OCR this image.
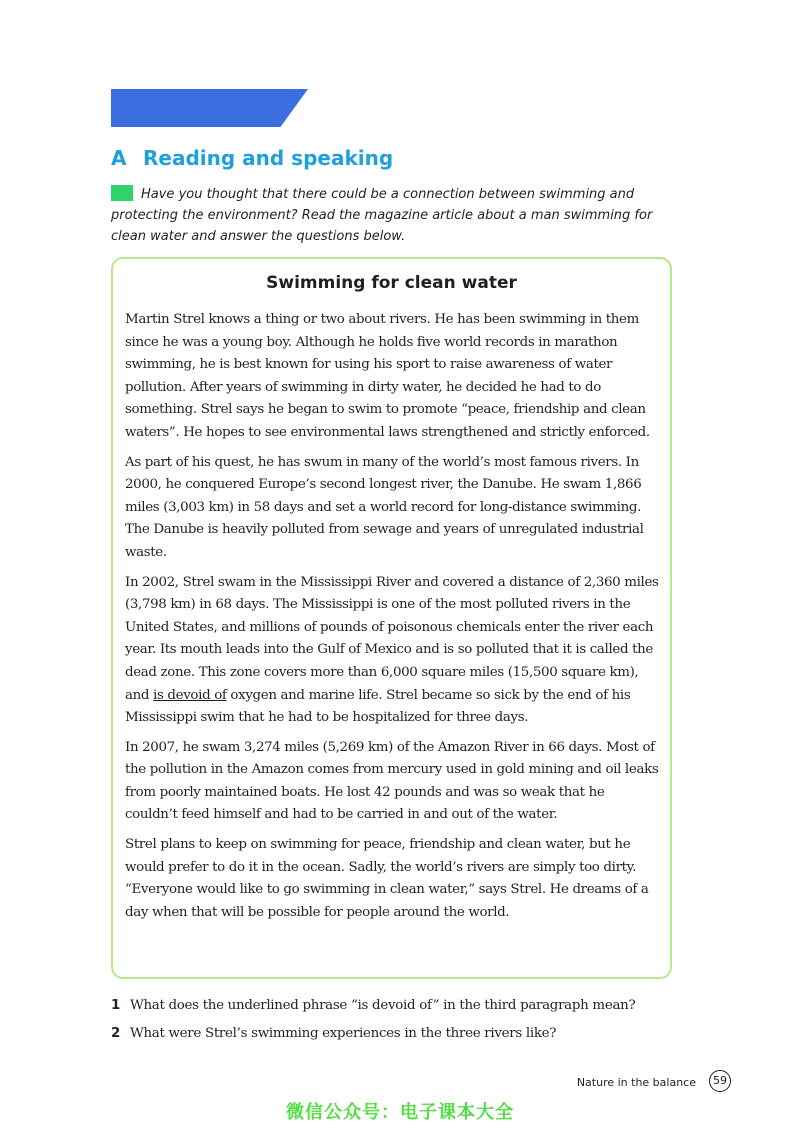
A Reading and speaking

Have you thought that there could be a connection between swimming and protecting the environment? Read the magazine article about a man swimming for clean water and answer the questions below.

Swimming for clean water

Martin Strel knows a thing or two about rivers. He has been swimming in them since he was a young boy. Although he holds five world records in marathon swimming, he is best known for using his sport to raise awareness of water pollution. After years of swimming in dirty water, he decided he had to do something. Strel says he began to swim to promote “peace, friendship and clean waters”. He hopes to see environmental laws strengthened and strictly enforced.

As part of his quest, he has swum in many of the world’s most famous rivers. In 2000, he conquered Europe’s second longest river, the Danube. He swam 1,866 miles (3,003 km) in 58 days and set a world record for long-distance swimming. The Danube is heavily polluted from sewage and years of unregulated industrial waste.

In 2002, Strel swam in the Mississippi River and covered a distance of 2,360 miles (3,798 km) in 68 days. The Mississippi is one of the most polluted rivers in the United States, and millions of pounds of poisonous chemicals enter the river each year. Its mouth leads into the Gulf of Mexico and is so polluted that it is called the dead zone. This zone covers more than 6,000 square miles (15,500 square km), and is devoid of oxygen and marine life. Strel became so sick by the end of his Mississippi swim that he had to be hospitalized for three days.

In 2007, he swam 3,274 miles (5,269 km) of the Amazon River in 66 days. Most of the pollution in the Amazon comes from mercury used in gold mining and oil leaks from poorly maintained boats. He lost 42 pounds and was so weak that he couldn’t feed himself and had to be carried in and out of the water.

Strel plans to keep on swimming for peace, friendship and clean water, but he would prefer to do it in the ocean. Sadly, the world’s rivers are simply too dirty. “Everyone would like to go swimming in clean water,” says Strel. He dreams of a day when that will be possible for people around the world.

1 What does the underlined phrase “is devoid of” in the third paragraph mean?
2 What were Strel’s swimming experiences in the three rivers like?
Nature in the balance	59
微信公众号：电子课本大全
